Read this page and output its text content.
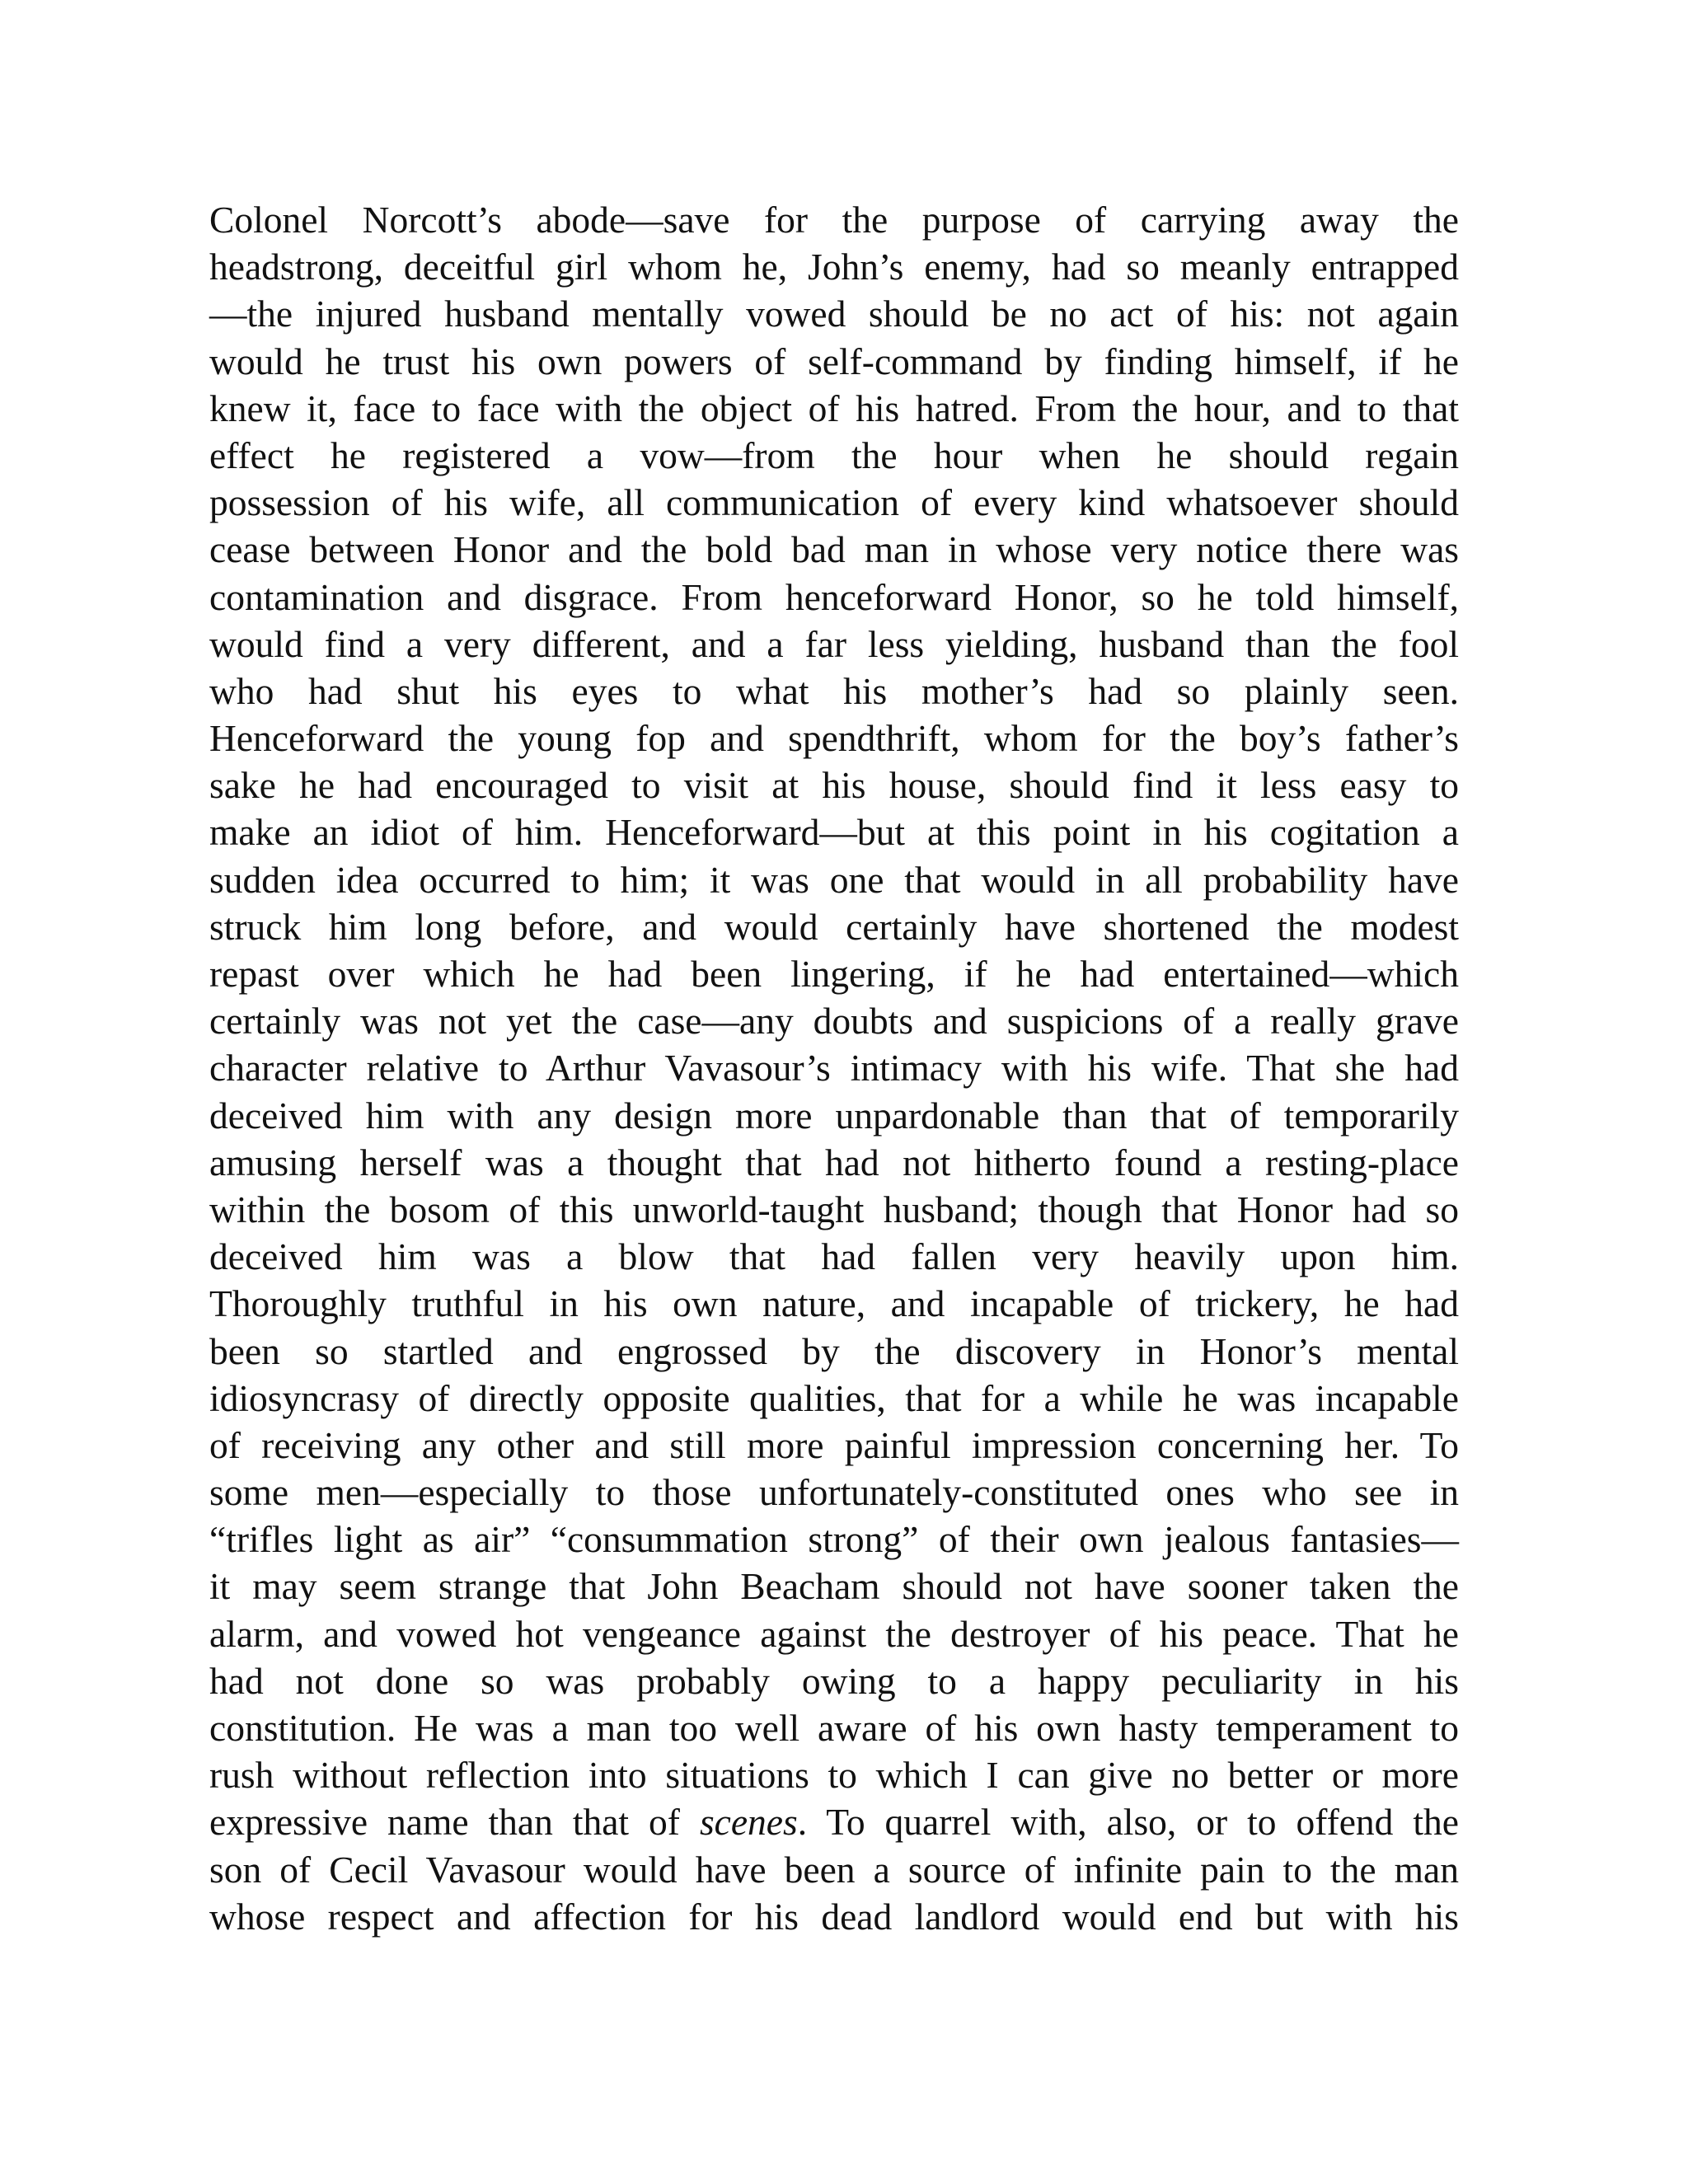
Colonel Norcott’s abode—save for the purpose of carrying away the
headstrong, deceitful girl whom he, John’s enemy, had so meanly entrapped
—the injured husband mentally vowed should be no act of his: not again
would he trust his own powers of self-command by finding himself, if he
knew it, face to face with the object of his hatred. From the hour, and to that
effect he registered a vow—from the hour when he should regain
possession of his wife, all communication of every kind whatsoever should
cease between Honor and the bold bad man in whose very notice there was
contamination and disgrace. From henceforward Honor, so he told himself,
would find a very different, and a far less yielding, husband than the fool
who had shut his eyes to what his mother’s had so plainly seen.
Henceforward the young fop and spendthrift, whom for the boy’s father’s
sake he had encouraged to visit at his house, should find it less easy to
make an idiot of him. Henceforward—but at this point in his cogitation a
sudden idea occurred to him; it was one that would in all probability have
struck him long before, and would certainly have shortened the modest
repast over which he had been lingering, if he had entertained—which
certainly was not yet the case—any doubts and suspicions of a really grave
character relative to Arthur Vavasour’s intimacy with his wife. That she had
deceived him with any design more unpardonable than that of temporarily
amusing herself was a thought that had not hitherto found a resting-place
within the bosom of this unworld-taught husband; though that Honor had so
deceived him was a blow that had fallen very heavily upon him.
Thoroughly truthful in his own nature, and incapable of trickery, he had
been so startled and engrossed by the discovery in Honor’s mental
idiosyncrasy of directly opposite qualities, that for a while he was incapable
of receiving any other and still more painful impression concerning her. To
some men—especially to those unfortunately-constituted ones who see in
“trifles light as air” “consummation strong” of their own jealous fantasies—
it may seem strange that John Beacham should not have sooner taken the
alarm, and vowed hot vengeance against the destroyer of his peace. That he
had not done so was probably owing to a happy peculiarity in his
constitution. He was a man too well aware of his own hasty temperament to
rush without reflection into situations to which I can give no better or more
expressive name than that of scenes. To quarrel with, also, or to offend the
son of Cecil Vavasour would have been a source of infinite pain to the man
whose respect and affection for his dead landlord would end but with his
